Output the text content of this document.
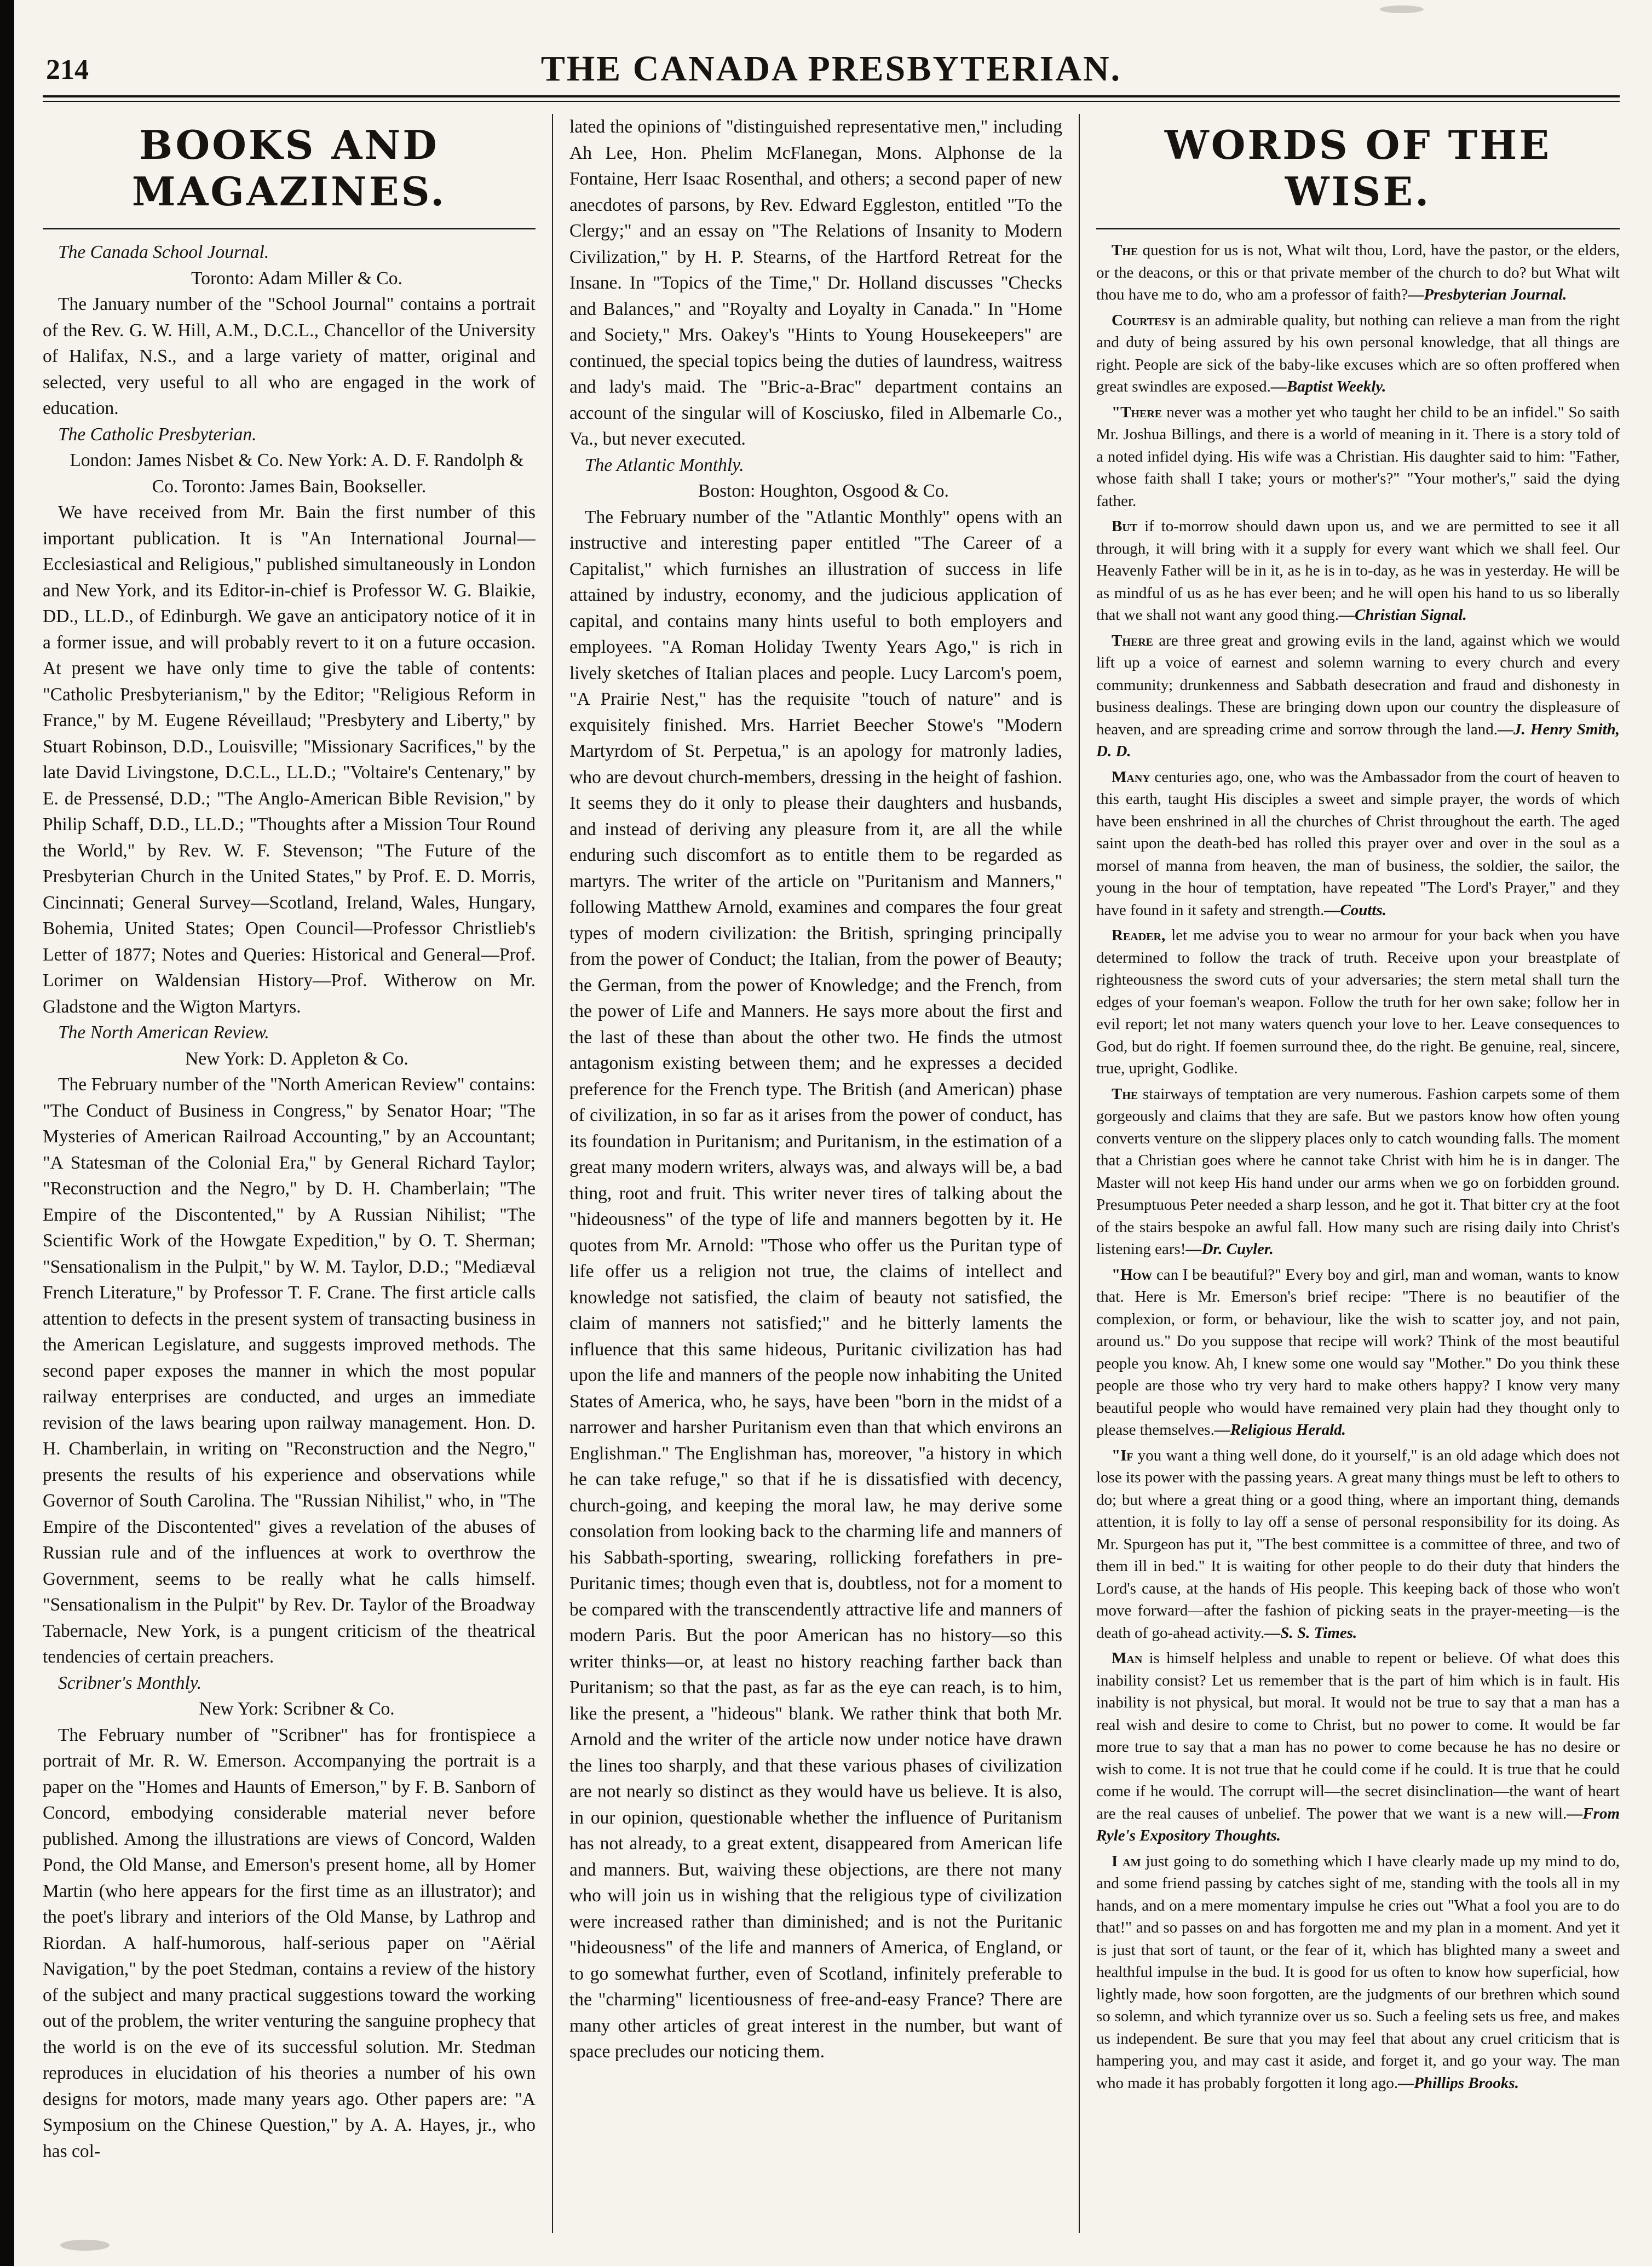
214	THE CANADA PRESBYTERIAN.
BOOKS AND MAGAZINES.

The Canada School Journal.

Toronto: Adam Miller & Co.

The January number of the "School Journal" contains a portrait of the Rev. G. W. Hill, A.M., D.C.L., Chancellor of the University of Halifax, N.S., and a large variety of matter, original and selected, very useful to all who are engaged in the work of education.

The Catholic Presbyterian.

London: James Nisbet & Co. New York: A. D. F. Randolph & Co. Toronto: James Bain, Bookseller.

We have received from Mr. Bain the first number of this important publication. It is "An International Journal—Ecclesiastical and Religious," published simultaneously in London and New York, and its Editor-in-chief is Professor W. G. Blaikie, DD., LL.D., of Edinburgh. We gave an anticipatory notice of it in a former issue, and will probably revert to it on a future occasion. At present we have only time to give the table of contents: "Catholic Presbyterianism," by the Editor; "Religious Reform in France," by M. Eugene Réveillaud; "Presbytery and Liberty," by Stuart Robinson, D.D., Louisville; "Missionary Sacrifices," by the late David Livingstone, D.C.L., LL.D.; "Voltaire's Centenary," by E. de Pressensé, D.D.; "The Anglo-American Bible Revision," by Philip Schaff, D.D., LL.D.; "Thoughts after a Mission Tour Round the World," by Rev. W. F. Stevenson; "The Future of the Presbyterian Church in the United States," by Prof. E. D. Morris, Cincinnati; General Survey—Scotland, Ireland, Wales, Hungary, Bohemia, United States; Open Council—Professor Christlieb's Letter of 1877; Notes and Queries: Historical and General—Prof. Lorimer on Waldensian History—Prof. Witherow on Mr. Gladstone and the Wigton Martyrs.

The North American Review.

New York: D. Appleton & Co.

The February number of the "North American Review" contains: "The Conduct of Business in Congress," by Senator Hoar; "The Mysteries of American Railroad Accounting," by an Accountant; "A Statesman of the Colonial Era," by General Richard Taylor; "Reconstruction and the Negro," by D. H. Chamberlain; "The Empire of the Discontented," by A Russian Nihilist; "The Scientific Work of the Howgate Expedition," by O. T. Sherman; "Sensationalism in the Pulpit," by W. M. Taylor, D.D.; "Mediæval French Literature," by Professor T. F. Crane. The first article calls attention to defects in the present system of transacting business in the American Legislature, and suggests improved methods. The second paper exposes the manner in which the most popular railway enterprises are conducted, and urges an immediate revision of the laws bearing upon railway management. Hon. D. H. Chamberlain, in writing on "Reconstruction and the Negro," presents the results of his experience and observations while Governor of South Carolina. The "Russian Nihilist," who, in "The Empire of the Discontented" gives a revelation of the abuses of Russian rule and of the influences at work to overthrow the Government, seems to be really what he calls himself. "Sensationalism in the Pulpit" by Rev. Dr. Taylor of the Broadway Tabernacle, New York, is a pungent criticism of the theatrical tendencies of certain preachers.

Scribner's Monthly.

New York: Scribner & Co.

The February number of "Scribner" has for frontispiece a portrait of Mr. R. W. Emerson. Accompanying the portrait is a paper on the "Homes and Haunts of Emerson," by F. B. Sanborn of Concord, embodying considerable material never before published. Among the illustrations are views of Concord, Walden Pond, the Old Manse, and Emerson's present home, all by Homer Martin (who here appears for the first time as an illustrator); and the poet's library and interiors of the Old Manse, by Lathrop and Riordan. A half-humorous, half-serious paper on "Aërial Navigation," by the poet Stedman, contains a review of the history of the subject and many practical suggestions toward the working out of the problem, the writer venturing the sanguine prophecy that the world is on the eve of its successful solution. Mr. Stedman reproduces in elucidation of his theories a number of his own designs for motors, made many years ago. Other papers are: "A Symposium on the Chinese Question," by A. A. Hayes, jr., who has col-

lated the opinions of "distinguished representative men," including Ah Lee, Hon. Phelim McFlanegan, Mons. Alphonse de la Fontaine, Herr Isaac Rosenthal, and others; a second paper of new anecdotes of parsons, by Rev. Edward Eggleston, entitled "To the Clergy;" and an essay on "The Relations of Insanity to Modern Civilization," by H. P. Stearns, of the Hartford Retreat for the Insane. In "Topics of the Time," Dr. Holland discusses "Checks and Balances," and "Royalty and Loyalty in Canada." In "Home and Society," Mrs. Oakey's "Hints to Young Housekeepers" are continued, the special topics being the duties of laundress, waitress and lady's maid. The "Bric-a-Brac" department contains an account of the singular will of Kosciusko, filed in Albemarle Co., Va., but never executed.

The Atlantic Monthly.

Boston: Houghton, Osgood & Co.

The February number of the "Atlantic Monthly" opens with an instructive and interesting paper entitled "The Career of a Capitalist," which furnishes an illustration of success in life attained by industry, economy, and the judicious application of capital, and contains many hints useful to both employers and employees. "A Roman Holiday Twenty Years Ago," is rich in lively sketches of Italian places and people. Lucy Larcom's poem, "A Prairie Nest," has the requisite "touch of nature" and is exquisitely finished. Mrs. Harriet Beecher Stowe's "Modern Martyrdom of St. Perpetua," is an apology for matronly ladies, who are devout church-members, dressing in the height of fashion. It seems they do it only to please their daughters and husbands, and instead of deriving any pleasure from it, are all the while enduring such discomfort as to entitle them to be regarded as martyrs. The writer of the article on "Puritanism and Manners," following Matthew Arnold, examines and compares the four great types of modern civilization: the British, springing principally from the power of Conduct; the Italian, from the power of Beauty; the German, from the power of Knowledge; and the French, from the power of Life and Manners. He says more about the first and the last of these than about the other two. He finds the utmost antagonism existing between them; and he expresses a decided preference for the French type. The British (and American) phase of civilization, in so far as it arises from the power of conduct, has its foundation in Puritanism; and Puritanism, in the estimation of a great many modern writers, always was, and always will be, a bad thing, root and fruit. This writer never tires of talking about the "hideousness" of the type of life and manners begotten by it. He quotes from Mr. Arnold: "Those who offer us the Puritan type of life offer us a religion not true, the claims of intellect and knowledge not satisfied, the claim of beauty not satisfied, the claim of manners not satisfied;" and he bitterly laments the influence that this same hideous, Puritanic civilization has had upon the life and manners of the people now inhabiting the United States of America, who, he says, have been "born in the midst of a narrower and harsher Puritanism even than that which environs an Englishman." The Englishman has, moreover, "a history in which he can take refuge," so that if he is dissatisfied with decency, church-going, and keeping the moral law, he may derive some consolation from looking back to the charming life and manners of his Sabbath-sporting, swearing, rollicking forefathers in pre-Puritanic times; though even that is, doubtless, not for a moment to be compared with the transcendently attractive life and manners of modern Paris. But the poor American has no history—so this writer thinks—or, at least no history reaching farther back than Puritanism; so that the past, as far as the eye can reach, is to him, like the present, a "hideous" blank. We rather think that both Mr. Arnold and the writer of the article now under notice have drawn the lines too sharply, and that these various phases of civilization are not nearly so distinct as they would have us believe. It is also, in our opinion, questionable whether the influence of Puritanism has not already, to a great extent, disappeared from American life and manners. But, waiving these objections, are there not many who will join us in wishing that the religious type of civilization were increased rather than diminished; and is not the Puritanic "hideousness" of the life and manners of America, of England, or to go somewhat further, even of Scotland, infinitely preferable to the "charming" licentiousness of free-and-easy France? There are many other articles of great interest in the number, but want of space precludes our noticing them.

WORDS OF THE WISE.

The question for us is not, What wilt thou, Lord, have the pastor, or the elders, or the deacons, or this or that private member of the church to do? but What wilt thou have me to do, who am a professor of faith?—Presbyterian Journal.

Courtesy is an admirable quality, but nothing can relieve a man from the right and duty of being assured by his own personal knowledge, that all things are right. People are sick of the baby-like excuses which are so often proffered when great swindles are exposed.—Baptist Weekly.

"There never was a mother yet who taught her child to be an infidel." So saith Mr. Joshua Billings, and there is a world of meaning in it. There is a story told of a noted infidel dying. His wife was a Christian. His daughter said to him: "Father, whose faith shall I take; yours or mother's?" "Your mother's," said the dying father.

But if to-morrow should dawn upon us, and we are permitted to see it all through, it will bring with it a supply for every want which we shall feel. Our Heavenly Father will be in it, as he is in to-day, as he was in yesterday. He will be as mindful of us as he has ever been; and he will open his hand to us so liberally that we shall not want any good thing.—Christian Signal.

There are three great and growing evils in the land, against which we would lift up a voice of earnest and solemn warning to every church and every community; drunkenness and Sabbath desecration and fraud and dishonesty in business dealings. These are bringing down upon our country the displeasure of heaven, and are spreading crime and sorrow through the land.—J. Henry Smith, D. D.

Many centuries ago, one, who was the Ambassador from the court of heaven to this earth, taught His disciples a sweet and simple prayer, the words of which have been enshrined in all the churches of Christ throughout the earth. The aged saint upon the death-bed has rolled this prayer over and over in the soul as a morsel of manna from heaven, the man of business, the soldier, the sailor, the young in the hour of temptation, have repeated "The Lord's Prayer," and they have found in it safety and strength.—Coutts.

Reader, let me advise you to wear no armour for your back when you have determined to follow the track of truth. Receive upon your breastplate of righteousness the sword cuts of your adversaries; the stern metal shall turn the edges of your foeman's weapon. Follow the truth for her own sake; follow her in evil report; let not many waters quench your love to her. Leave consequences to God, but do right. If foemen surround thee, do the right. Be genuine, real, sincere, true, upright, Godlike.

The stairways of temptation are very numerous. Fashion carpets some of them gorgeously and claims that they are safe. But we pastors know how often young converts venture on the slippery places only to catch wounding falls. The moment that a Christian goes where he cannot take Christ with him he is in danger. The Master will not keep His hand under our arms when we go on forbidden ground. Presumptuous Peter needed a sharp lesson, and he got it. That bitter cry at the foot of the stairs bespoke an awful fall. How many such are rising daily into Christ's listening ears!—Dr. Cuyler.

"How can I be beautiful?" Every boy and girl, man and woman, wants to know that. Here is Mr. Emerson's brief recipe: "There is no beautifier of the complexion, or form, or behaviour, like the wish to scatter joy, and not pain, around us." Do you suppose that recipe will work? Think of the most beautiful people you know. Ah, I knew some one would say "Mother." Do you think these people are those who try very hard to make others happy? I know very many beautiful people who would have remained very plain had they thought only to please themselves.—Religious Herald.

"If you want a thing well done, do it yourself," is an old adage which does not lose its power with the passing years. A great many things must be left to others to do; but where a great thing or a good thing, where an important thing, demands attention, it is folly to lay off a sense of personal responsibility for its doing. As Mr. Spurgeon has put it, "The best committee is a committee of three, and two of them ill in bed." It is waiting for other people to do their duty that hinders the Lord's cause, at the hands of His people. This keeping back of those who won't move forward—after the fashion of picking seats in the prayer-meeting—is the death of go-ahead activity.—S. S. Times.

Man is himself helpless and unable to repent or believe. Of what does this inability consist? Let us remember that is the part of him which is in fault. His inability is not physical, but moral. It would not be true to say that a man has a real wish and desire to come to Christ, but no power to come. It would be far more true to say that a man has no power to come because he has no desire or wish to come. It is not true that he could come if he could. It is true that he could come if he would. The corrupt will—the secret disinclination—the want of heart are the real causes of unbelief. The power that we want is a new will.—From Ryle's Expository Thoughts.

I am just going to do something which I have clearly made up my mind to do, and some friend passing by catches sight of me, standing with the tools all in my hands, and on a mere momentary impulse he cries out "What a fool you are to do that!" and so passes on and has forgotten me and my plan in a moment. And yet it is just that sort of taunt, or the fear of it, which has blighted many a sweet and healthful impulse in the bud. It is good for us often to know how superficial, how lightly made, how soon forgotten, are the judgments of our brethren which sound so solemn, and which tyrannize over us so. Such a feeling sets us free, and makes us independent. Be sure that you may feel that about any cruel criticism that is hampering you, and may cast it aside, and forget it, and go your way. The man who made it has probably forgotten it long ago.—Phillips Brooks.
